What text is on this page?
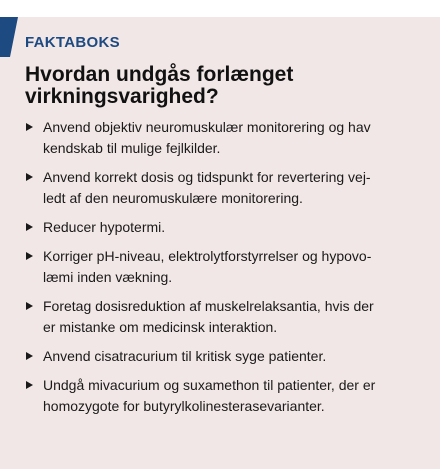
FAKTABOKS
Hvordan undgås forlænget
virkningsvarighed?
Anvend objektiv neuromuskulær monitorering og hav
kendskab til mulige fejlkilder.
Anvend korrekt dosis og tidspunkt for revertering vej-
ledt af den neuromuskulære monitorering.
Reducer hypotermi.
Korriger pH-niveau, elektrolytforstyrrelser og hypovo-
læmi inden vækning.
Foretag dosisreduktion af muskelrelaksantia, hvis der
er mistanke om medicinsk interaktion.
Anvend cisatracurium til kritisk syge patienter.
Undgå mivacurium og suxamethon til patienter, der er
homozygote for butyrylkolinesterasevarianter.
